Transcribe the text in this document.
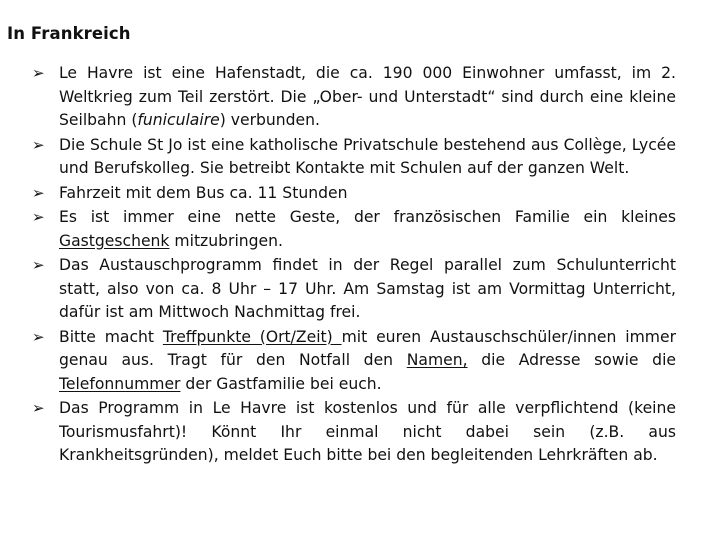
In Frankreich
➢ Le Havre ist eine Hafenstadt, die ca. 190 000 Einwohner umfasst, im 2. Weltkrieg zum Teil zerstört. Die „Ober- und Unterstadt“ sind durch eine kleine Seilbahn (funiculaire) verbunden.
➢ Die Schule St Jo ist eine katholische Privatschule bestehend aus Collège, Lycée und Berufskolleg. Sie betreibt Kontakte mit Schulen auf der ganzen Welt.
➢ Fahrzeit mit dem Bus ca. 11 Stunden
➢ Es ist immer eine nette Geste, der französischen Familie ein kleines Gastgeschenk mitzubringen.
➢ Das Austauschprogramm findet in der Regel parallel zum Schulunterricht statt, also von ca. 8 Uhr – 17 Uhr. Am Samstag ist am Vormittag Unterricht, dafür ist am Mittwoch Nachmittag frei.
➢ Bitte macht Treffpunkte (Ort/Zeit) mit euren Austauschschüler/innen immer genau aus. Tragt für den Notfall den Namen, die Adresse sowie die Telefonnummer der Gastfamilie bei euch.
➢ Das Programm in Le Havre ist kostenlos und für alle verpflichtend (keine Tourismusfahrt)! Könnt Ihr einmal nicht dabei sein (z.B. aus Krankheitsgründen), meldet Euch bitte bei den begleitenden Lehrkräften ab.
